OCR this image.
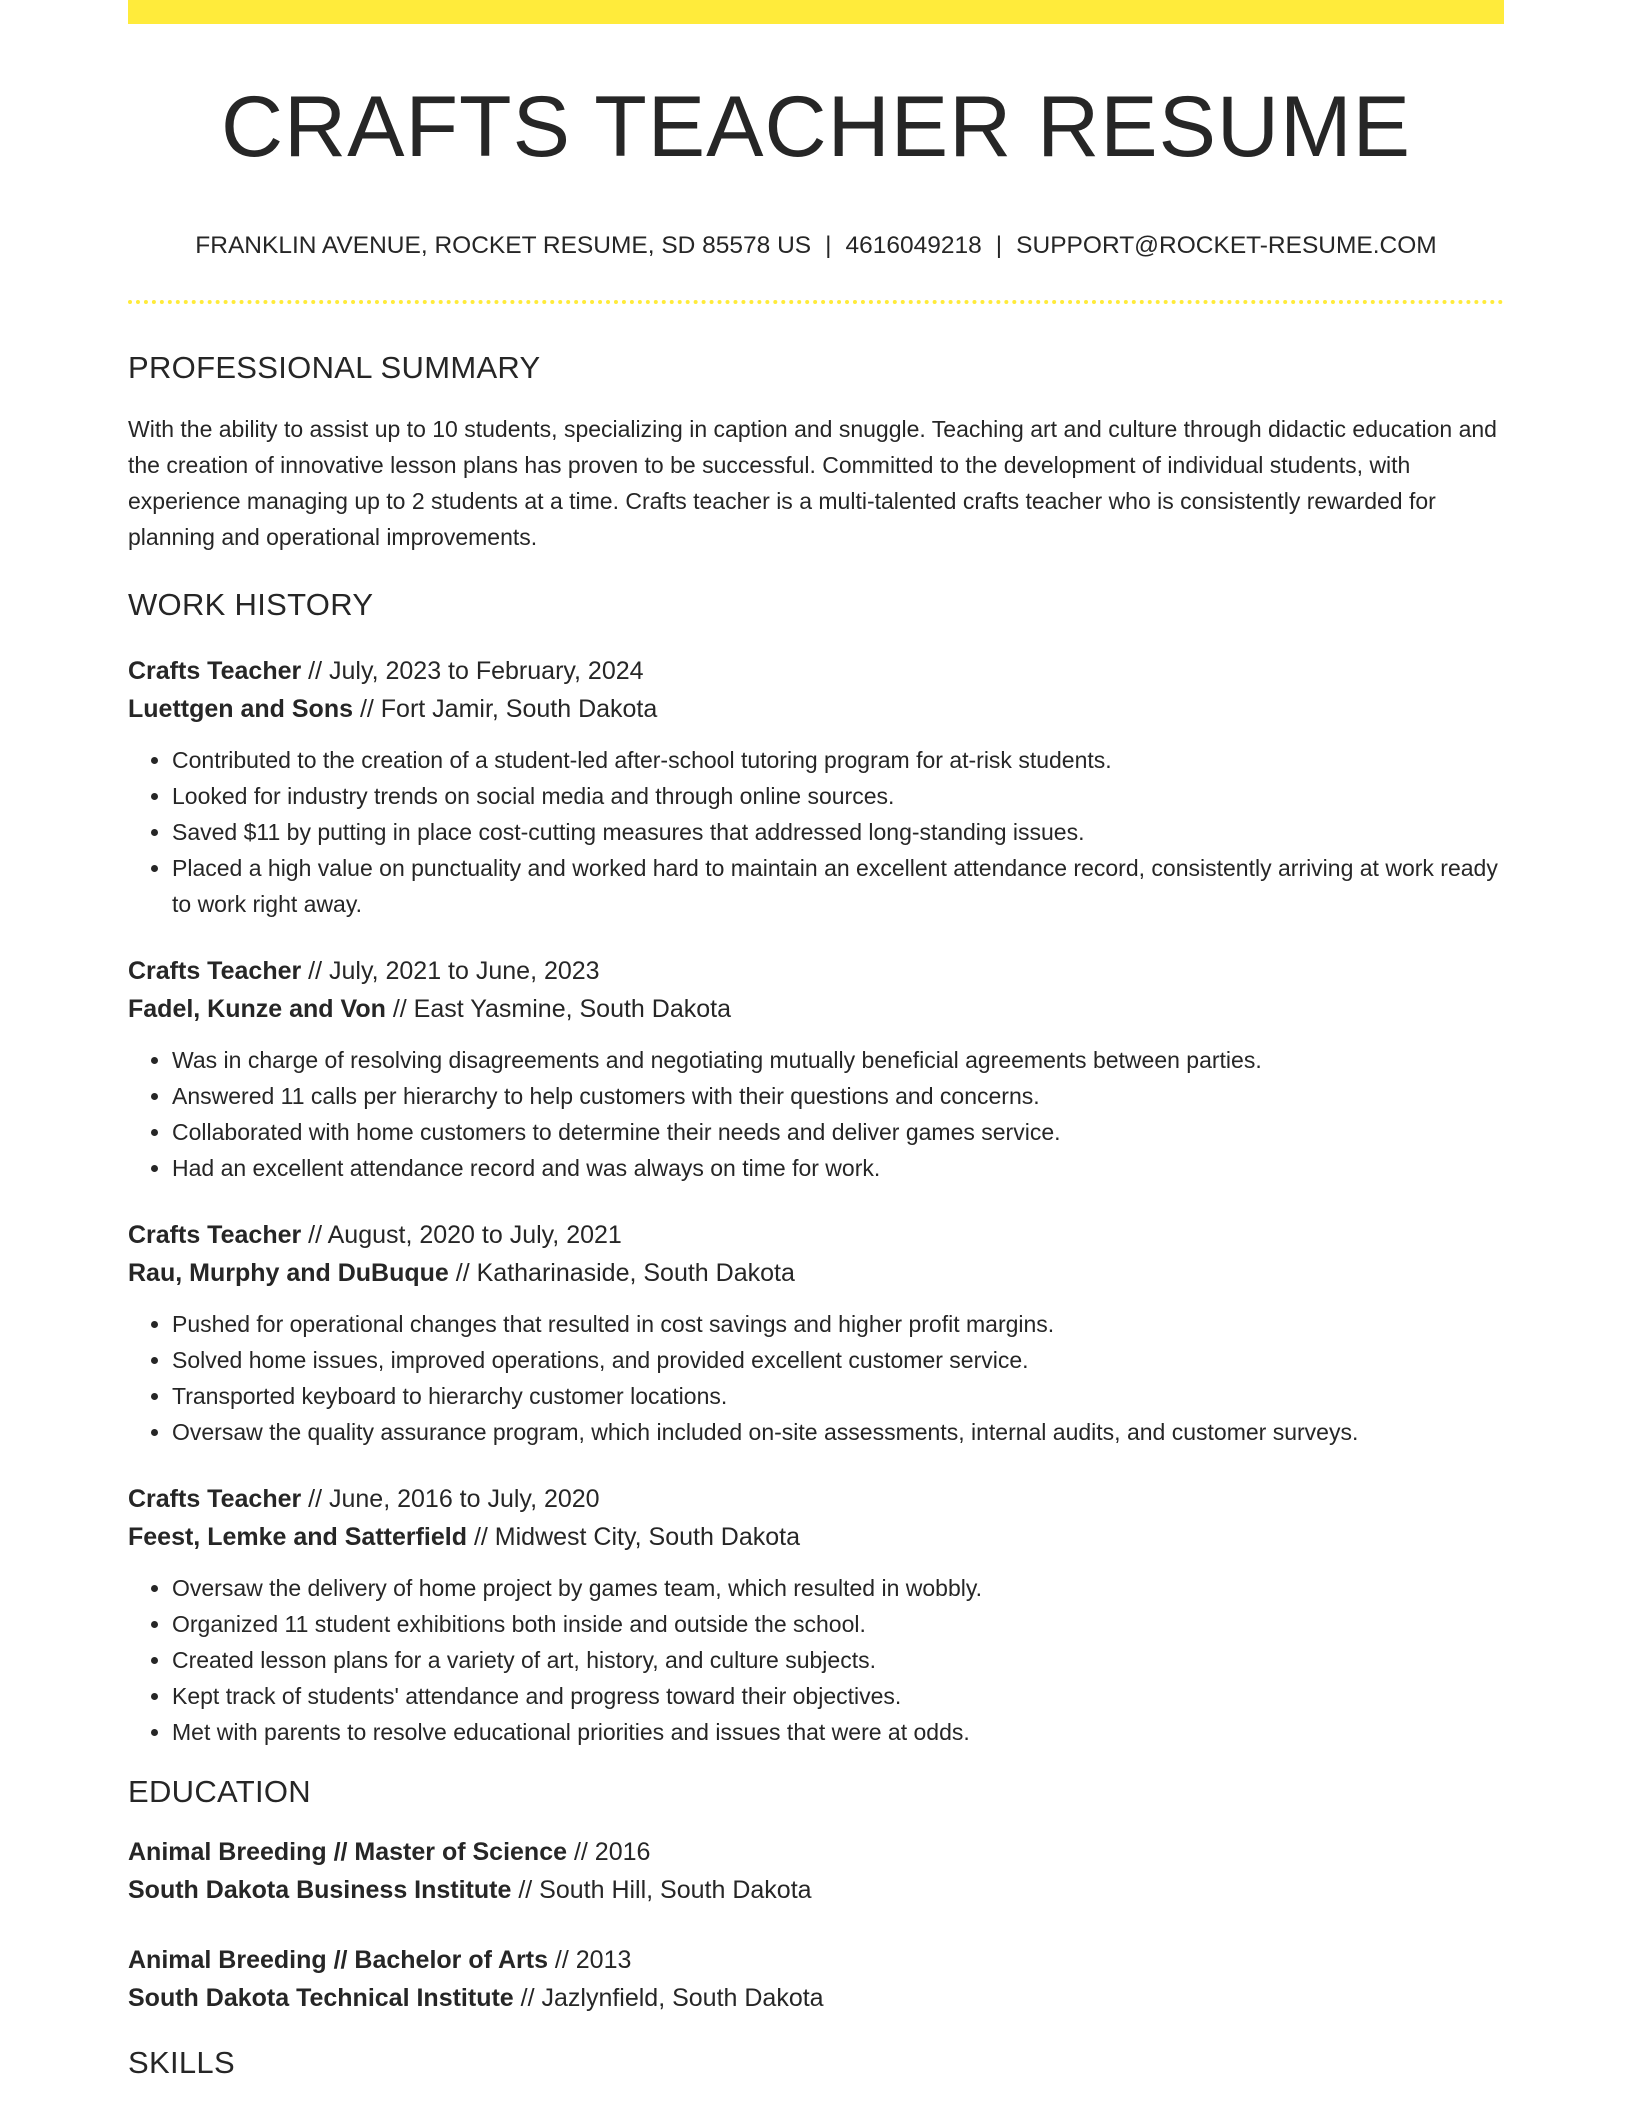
CRAFTS TEACHER RESUME
FRANKLIN AVENUE, ROCKET RESUME, SD 85578 US | 4616049218 | SUPPORT@ROCKET-RESUME.COM
PROFESSIONAL SUMMARY
With the ability to assist up to 10 students, specializing in caption and snuggle. Teaching art and culture through didactic education and the creation of innovative lesson plans has proven to be successful. Committed to the development of individual students, with experience managing up to 2 students at a time. Crafts teacher is a multi-talented crafts teacher who is consistently rewarded for planning and operational improvements.
WORK HISTORY
Crafts Teacher // July, 2023 to February, 2024
Luettgen and Sons // Fort Jamir, South Dakota
• Contributed to the creation of a student-led after-school tutoring program for at-risk students.
• Looked for industry trends on social media and through online sources.
• Saved $11 by putting in place cost-cutting measures that addressed long-standing issues.
• Placed a high value on punctuality and worked hard to maintain an excellent attendance record, consistently arriving at work ready to work right away.
Crafts Teacher // July, 2021 to June, 2023
Fadel, Kunze and Von // East Yasmine, South Dakota
• Was in charge of resolving disagreements and negotiating mutually beneficial agreements between parties.
• Answered 11 calls per hierarchy to help customers with their questions and concerns.
• Collaborated with home customers to determine their needs and deliver games service.
• Had an excellent attendance record and was always on time for work.
Crafts Teacher // August, 2020 to July, 2021
Rau, Murphy and DuBuque // Katharinaside, South Dakota
• Pushed for operational changes that resulted in cost savings and higher profit margins.
• Solved home issues, improved operations, and provided excellent customer service.
• Transported keyboard to hierarchy customer locations.
• Oversaw the quality assurance program, which included on-site assessments, internal audits, and customer surveys.
Crafts Teacher // June, 2016 to July, 2020
Feest, Lemke and Satterfield // Midwest City, South Dakota
• Oversaw the delivery of home project by games team, which resulted in wobbly.
• Organized 11 student exhibitions both inside and outside the school.
• Created lesson plans for a variety of art, history, and culture subjects.
• Kept track of students' attendance and progress toward their objectives.
• Met with parents to resolve educational priorities and issues that were at odds.
EDUCATION
Animal Breeding // Master of Science // 2016
South Dakota Business Institute // South Hill, South Dakota
Animal Breeding // Bachelor of Arts // 2013
South Dakota Technical Institute // Jazlynfield, South Dakota
SKILLS
